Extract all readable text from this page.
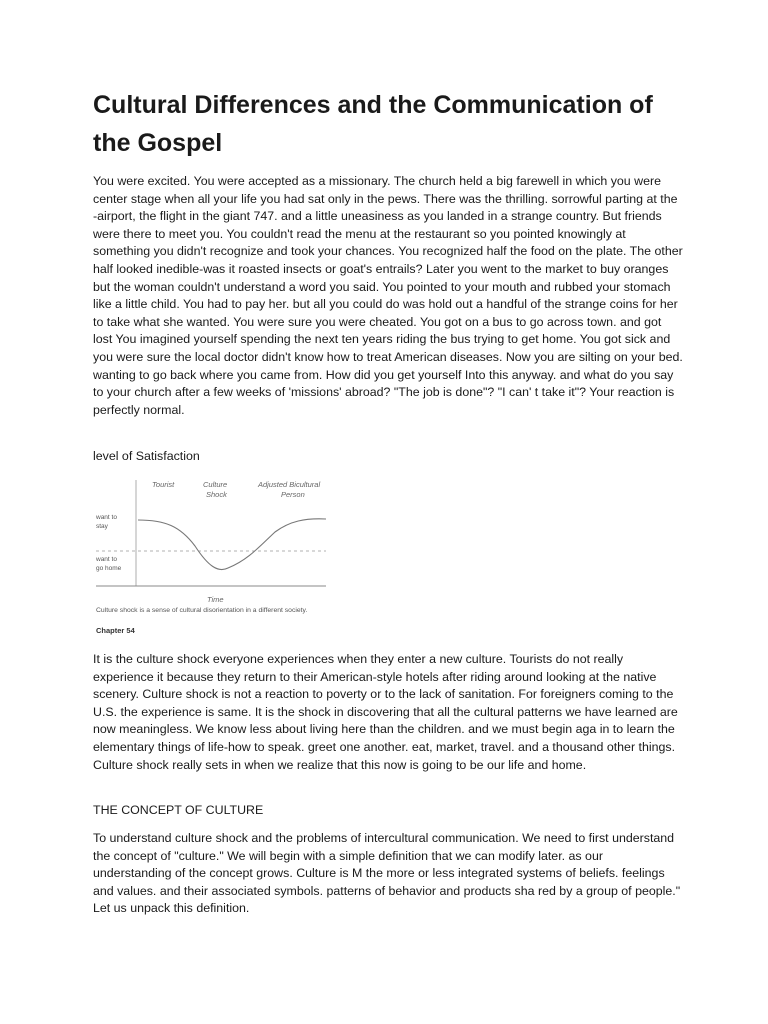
Cultural Differences and the Communication of the Gospel

You were excited. You were accepted as a missionary. The church held a big farewell in which you were center stage when all your life you had sat only in the pews. There was the thrilling. sorrowful parting at the -airport, the flight in the giant 747. and a little uneasiness as you landed in a strange country. But friends were there to meet you. You couldn't read the menu at the restaurant so you pointed knowingly at something you didn't recognize and took your chances. You recognized half the food on the plate. The other half looked inedible-was it roasted insects or goat's entrails? Later you went to the market to buy oranges but the woman couldn't understand a word you said. You pointed to your mouth and rubbed your stomach like a little child. You had to pay her. but all you could do was hold out a handful of the strange coins for her to take what she wanted. You were sure you were cheated. You got on a bus to go across town. and got lost You imagined yourself spending the next ten years riding the bus trying to get home. You got sick and you were sure the local doctor didn't know how to treat American diseases. Now you are silting on your bed. wanting to go back where you came from. How did you get yourself Into this anyway. and what do you say to your church after a few weeks of 'missions' abroad? "The job is done"? "I can' t take it"? Your reaction is perfectly normal.

level of Satisfaction

Tourist	Culture
Shock
Adjusted Bicultural
Person
want to
stay
want to
go home
Time
Culture shock is a sense of cultural disorientation in a different society.
Chapter 54

It is the culture shock everyone experiences when they enter a new culture. Tourists do not really experience it because they return to their American-style hotels after riding around looking at the native scenery. Culture shock is not a reaction to poverty or to the lack of sanitation. For foreigners coming to the U.S. the experience is same. It is the shock in discovering that all the cultural patterns we have learned are now meaningless. We know less about living here than the children. and we must begin aga in to learn the elementary things of life-how to speak. greet one another. eat, market, travel. and a thousand other things. Culture shock really sets in when we realize that this now is going to be our life and home.

THE CONCEPT OF CULTURE

To understand culture shock and the problems of intercultural communication. We need to first understand the concept of "culture." We will begin with a simple definition that we can modify later. as our understanding of the concept grows. Culture is M the more or less integrated systems of beliefs. feelings and values. and their associated symbols. patterns of behavior and products sha red by a group of people." Let us unpack this definition.
